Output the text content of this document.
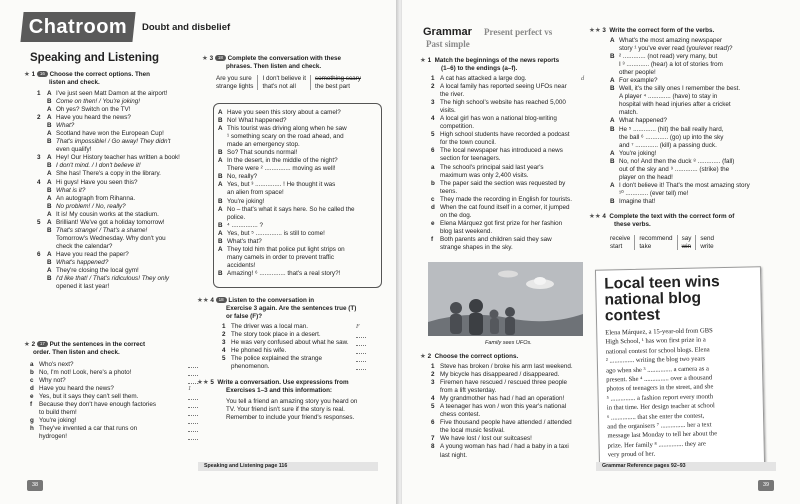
Chatroom	Doubt and disbelief
Speaking and Listening
★ 1 16 Choose the correct options. Then
listen and check.
1 A I've just seen Matt Damon at the airport!
B Come on then! / You're joking!
A Oh yes? Switch on the TV!
2 A Have you heard the news?
B What?
A Scotland have won the European Cup!
B That's impossible! / Go away! They didn't
even qualify!
3 A Hey! Our History teacher has written a book!
B I don't mind. / I don't believe it!
A She has! There's a copy in the library.
4 A Hi guys! Have you seen this?
B What is it?
A An autograph from Rihanna.
B No problem! / No, really?
A It is! My cousin works at the stadium.
5 A Brilliant! We've got a holiday tomorrow!
B That's strange! / That's a shame!
Tomorrow's Wednesday. Why don't you
check the calendar?
6 A Have you read the paper?
B What's happened?
A They're closing the local gym!
B I'd like that! / That's ridiculous! They only
opened it last year!
★ 2 17 Put the sentences in the correct
order. Then listen and check.
a Who's next?
b No, I'm not! Look, here's a photo!
c Why not?
d Have you heard the news?	1
e Yes, but it says they can't sell them.
f Because they don't have enough factories
to build them!
g You're joking!
h They've invented a car that runs on
hydrogen!
★ 3 18 Complete the conversation with these
phrases. Then listen and check.
Are you sure
strange lights	I don't believe it
that's not all	something scary
the best part
A Have you seen this story about a camel?
B No! What happened?
A This tourist was driving along when he saw
¹ something scary on the road ahead, and
made an emergency stop.
B So? That sounds normal!
A In the desert, in the middle of the night?
There were ² ............... moving as well!
B No, really?
A Yes, but ³ ............... ! He thought it was
an alien from space!
B You're joking!
A No – that's what it says here. So he called the
police.
B ⁴ ............... ?
A Yes, but ⁵ ............... is still to come!
B What's that?
A They told him that police put light strips on
many camels in order to prevent traffic
accidents!
B Amazing! ⁶ ............... that's a real story?!
★★ 4 18 Listen to the conversation in
Exercise 3 again. Are the sentences true (T)
or false (F)?
1 The driver was a local man.	F
2 The story took place in a desert.
3 He was very confused about what he saw.
4 He phoned his wife.
5 The police explained the strange
phenomenon.
★★ 5 Write a conversation. Use expressions from
Exercises 1–3 and this information:
You tell a friend an amazing story you heard on
TV. Your friend isn't sure if the story is real.
Remember to include your friend's responses.
Speaking and Listening page 116
38
Grammar Present perfect vs
Past simple
★ 1 Match the beginnings of the news reports
(1–6) to the endings (a–f).
1 A cat has attacked a large dog.	d
2 A local family has reported seeing UFOs near
the river.
3 The high school's website has reached 5,000
visits.
4 A local girl has won a national blog-writing
competition.
5 High school students have recorded a podcast
for the town council.
6 The local newspaper has introduced a news
section for teenagers.
a The school's principal said last year's
maximum was only 2,400 visits.
b The paper said the section was requested by
teens.
c They made the recording in English for tourists.
d When the cat found itself in a corner, it jumped
on the dog.
e Elena Márquez got first prize for her fashion
blog last weekend.
f Both parents and children said they saw
strange shapes in the sky.
Family sees UFOs.
★ 2 Choose the correct options.
1 Steve has broken / broke his arm last weekend.
2 My bicycle has disappeared / disappeared.
3 Firemen have rescued / rescued three people
from a lift yesterday.
4 My grandmother has had / had an operation!
5 A teenager has won / won this year's national
chess contest.
6 Five thousand people have attended / attended
the local music festival.
7 We have lost / lost our suitcases!
8 A young woman has had / had a baby in a taxi
last night.
★★ 3 Write the correct form of the verbs.
A What's the most amazing newspaper
story ¹ you've ever read (you/ever read)?
B ² ............. (not read) very many, but
I ³ ............. (hear) a lot of stories from
other people!
A For example?
B Well, it's the silly ones I remember the best.
A player ⁴ ............. (have) to stay in
hospital with head injuries after a cricket
match.
A What happened?
B He ⁵ ............. (hit) the ball really hard,
the ball ⁶ ............. (go) up into the sky
and ⁷ ............. (kill) a passing duck.
A You're joking!
B No, no! And then the duck ⁸ ............. (fall)
out of the sky and ⁹ ............. (strike) the
player on the head!
A I don't believe it! That's the most amazing story
¹⁰ ............. (ever tell) me!
B Imagine that!
★★ 4 Complete the text with the correct form of
these verbs.
receive
start	recommend
take	say
win	send
write
Local teen wins
national blog contest
Elena Márquez, a 15-year-old from GBS
High School, ¹ has won first prize in a
national contest for school blogs. Elena
² ............... writing the blog two years
ago when she ³ ............... a camera as a
present. She ⁴ ............... over a thousand
photos of teenagers in the street, and she
⁵ ............... a fashion report every month
in that time. Her design teacher at school
⁶ ............... that she enter the contest,
and the organisers ⁷ ............... her a text
message last Monday to tell her about the
prize. Her family ⁸ ............... they are
very proud of her.
Grammar Reference pages 92–93
39
